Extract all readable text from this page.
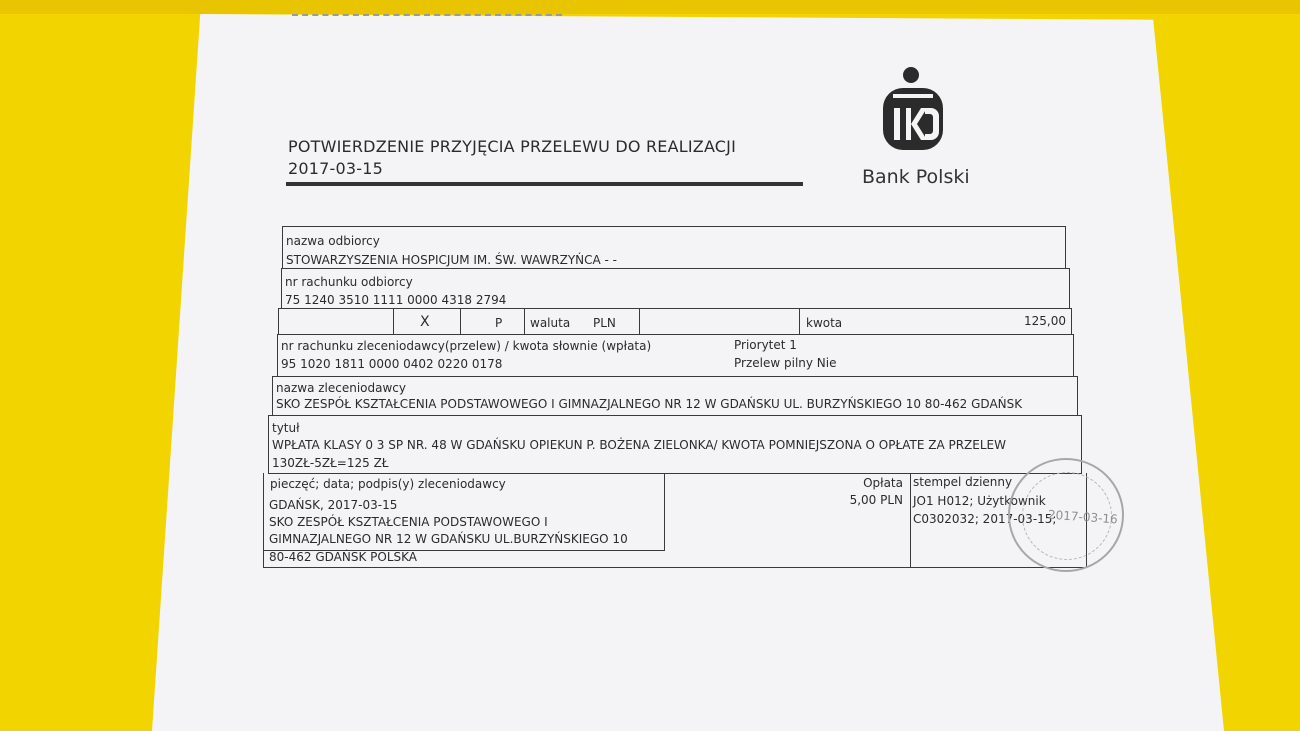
POTWIERDZENIE PRZYJĘCIA PRZELEWU DO REALIZACJI
2017-03-15	Bank Polski
nazwa odbiorcy
STOWARZYSZENIA HOSPICJUM IM. ŚW. WAWRZYŃCA - -
nr rachunku odbiorcy
75 1240 3510 1111 0000 4318 2794
X	P waluta PLN	kwota	125,00
nr rachunku zleceniodawcy(przelew) / kwota słownie (wpłata)
95 1020 1811 0000 0402 0220 0178
Priorytet 1
Przelew pilny Nie
nazwa zleceniodawcy
SKO ZESPÓŁ KSZTAŁCENIA PODSTAWOWEGO I GIMNAZJALNEGO NR 12 W GDAŃSKU UL. BURZYŃSKIEGO 10 80-462 GDAŃSK
tytuł
WPŁATA KLASY 0 3 SP NR. 48 W GDAŃSKU OPIEKUN P. BOŻENA ZIELONKA/ KWOTA POMNIEJSZONA O OPŁATE ZA PRZELEW
130ZŁ-5ZŁ=125 ZŁ
pieczęć; data; podpis(y) zleceniodawcy
GDAŃSK, 2017-03-15
SKO ZESPÓŁ KSZTAŁCENIA PODSTAWOWEGO I
GIMNAZJALNEGO NR 12 W GDAŃSKU UL.BURZYŃSKIEGO 10
80-462 GDAŃSK POLSKA
Opłata
5,00 PLN
stempel dzienny
JO1 H012; Użytkownik
C0302032; 2017-03-15;
2017-03-16
